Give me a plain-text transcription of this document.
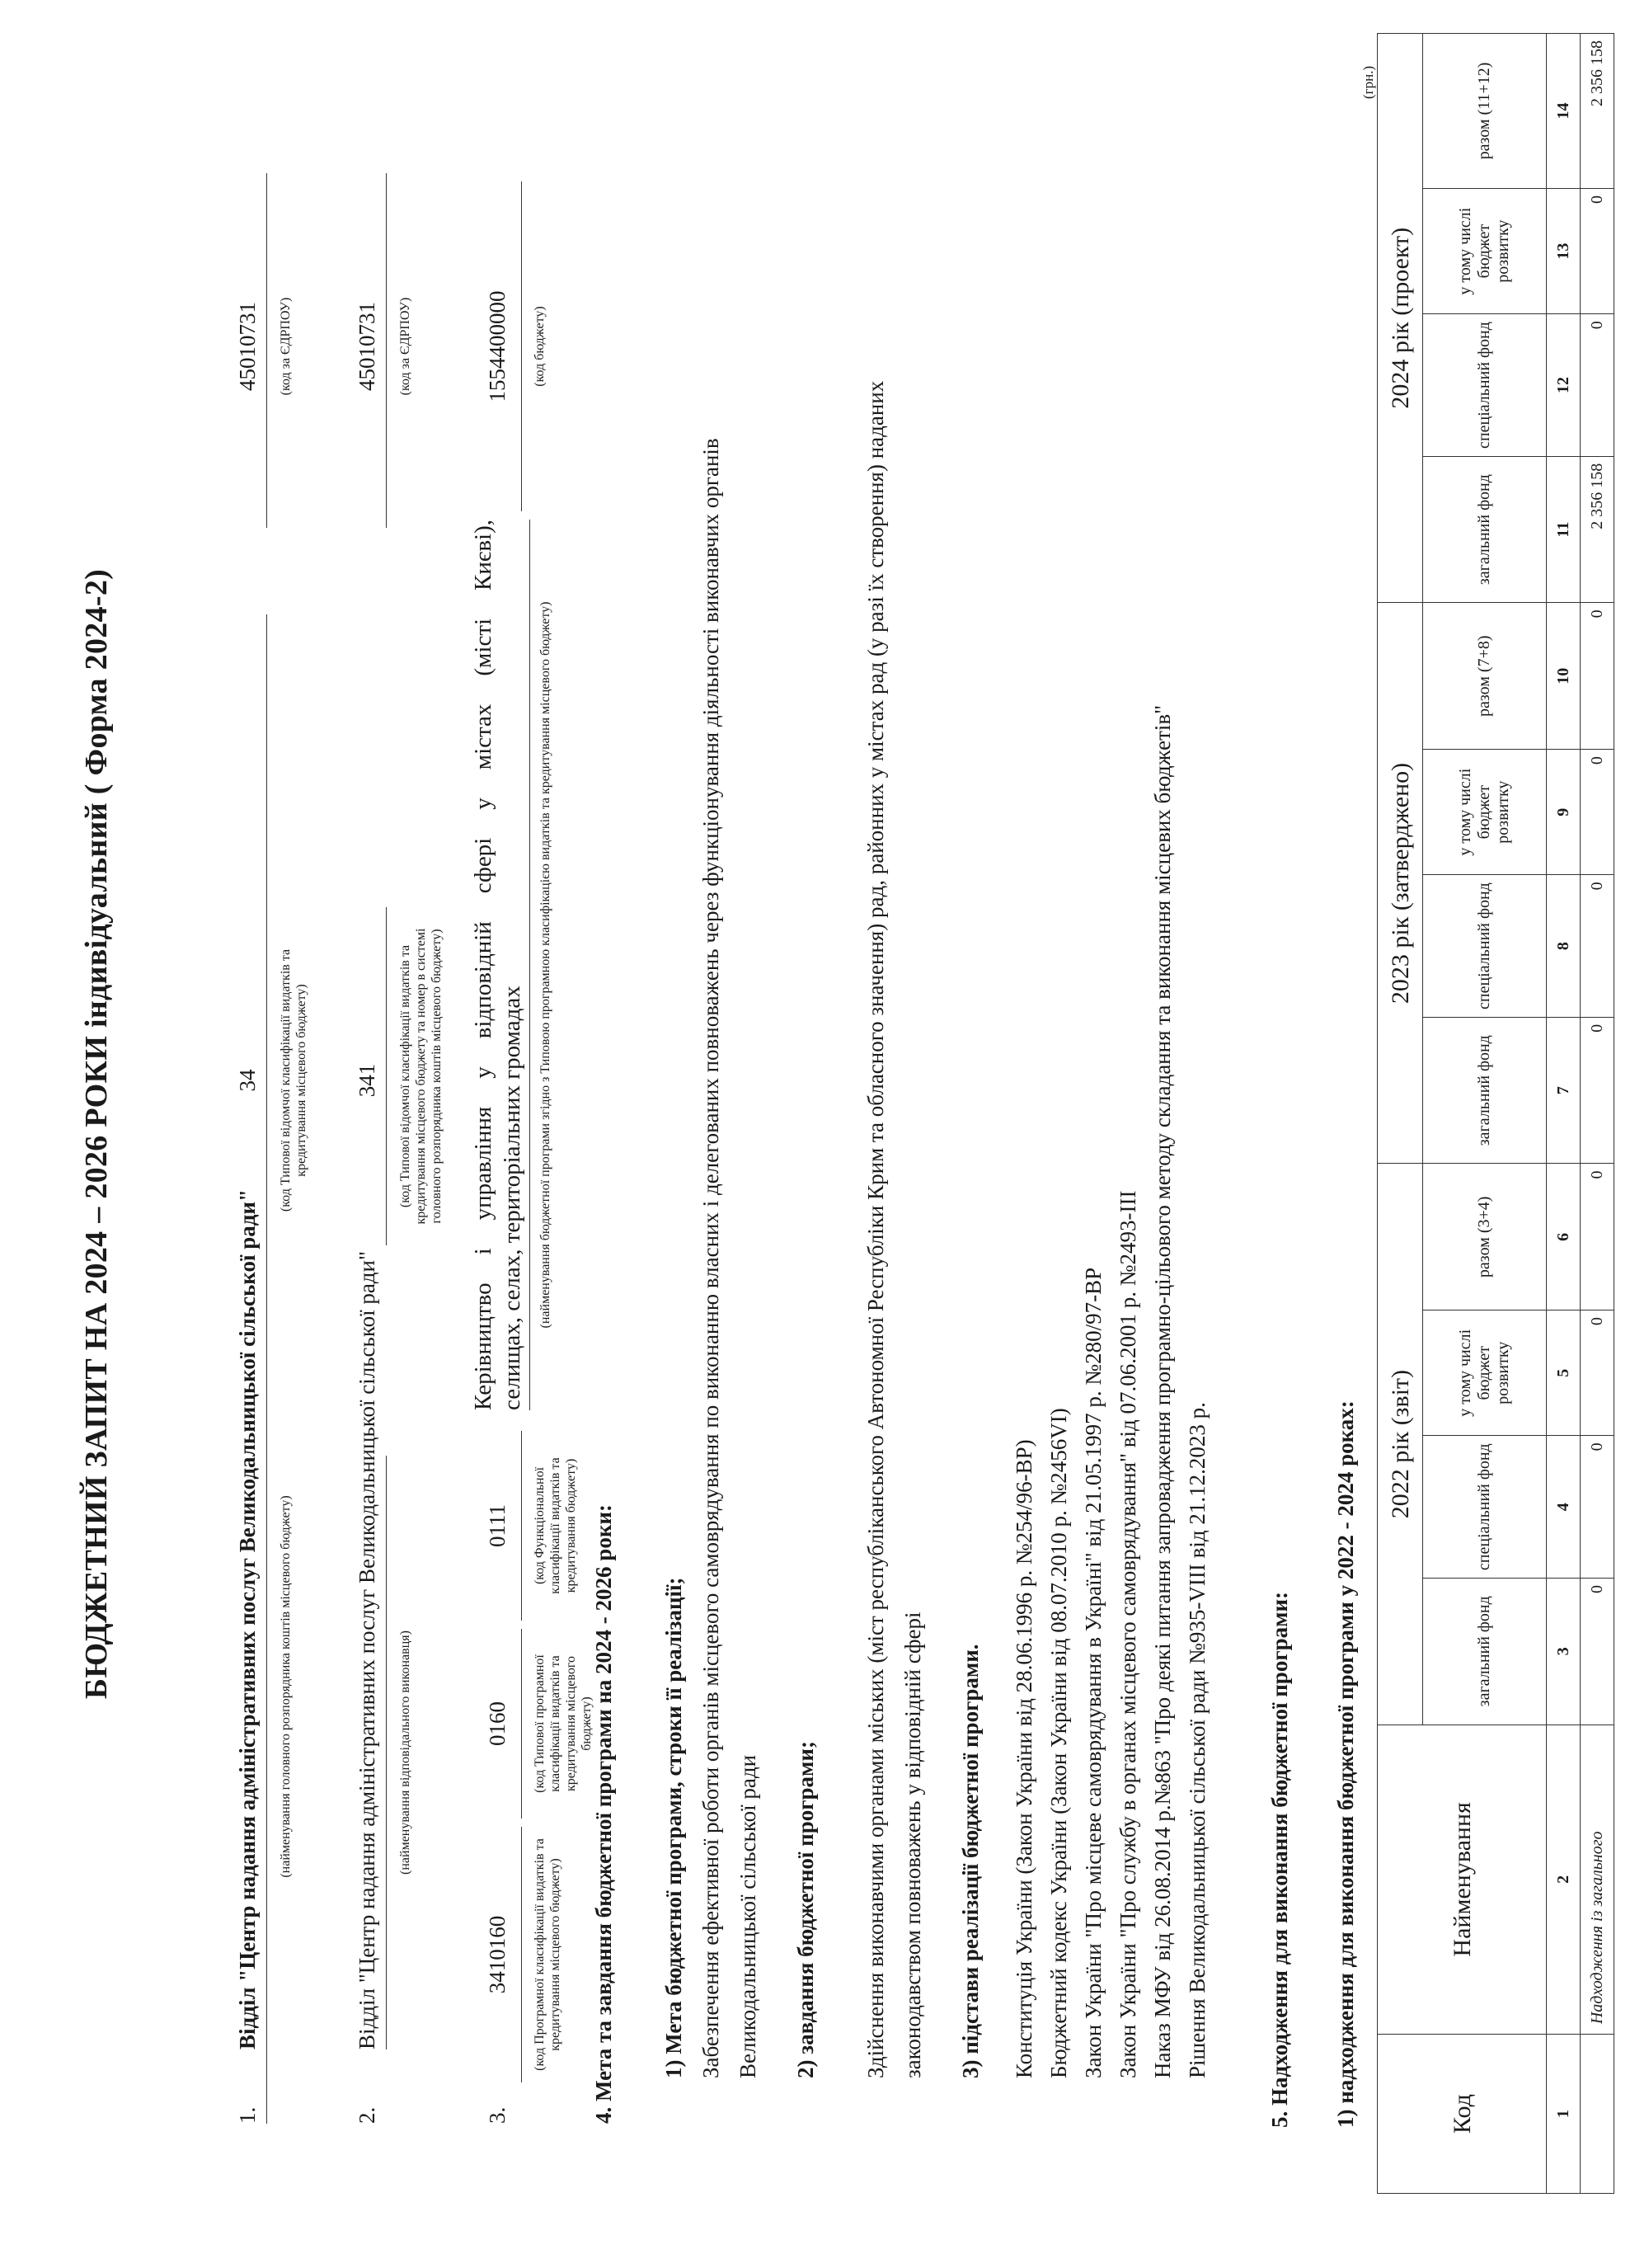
БЮДЖЕТНИЙ ЗАПИТ НА 2024 – 2026 РОКИ індивідуальний ( Форма 2024-2)
1.
Відділ "Центр надання адміністративних послуг Великодальницької сільської ради" (найменування головного розпорядника коштів місцевого бюджету)
34 (код Типової відомчої класифікації видатків та кредитування місцевого бюджету)
45010731 (код за ЄДРПОУ)
2.
Відділ "Центр надання адміністративних послуг Великодальницької сільської ради" (найменування відповідального виконавця)
341 (код Типової відомчої класифікації видатків та кредитування місцевого бюджету та номер в системі головного розпорядника коштів місцевого бюджету)
45010731 (код за ЄДРПОУ)
3.
3410160 (код Програмної класифікації видатків та кредитування місцевого бюджету)
0160 (код Типової програмної класифікації видатків та кредитування місцевого бюджету)
0111 (код Функціональної класифікації видатків та кредитування бюджету)
Керівництво і управління у відповідній сфері у містах (місті Києві), селищах, селах, територіальних громадах (найменування бюджетної програми згідно з Типовою програмною класифікацією видатків та кредитування місцевого бюджету)
1554400000 (код бюджету)
4. Мета та завдання бюджетної програми на 2024 - 2026 роки: 1) Мета бюджетної програми, строки її реалізації; Забезпечення ефективної роботи органів місцевого самоврядування по виконанню власних і делегованих повноважень через функціонування діяльності виконавчих органів Великодальницької сільської ради 2) завдання бюджетної програми; Здійснення виконавчими органами міських (міст республіканського Автономної Республіки Крим та обласного значення) рад, районних у містах рад (у разі їх створення) наданих законодавством повноважень у відповідній сфері 3) підстави реалізації бюджетної програми. Конституція України (Закон України від 28.06.1996 р. №254/96-ВР) Бюджетний кодекс України (Закон України від 08.07.2010 р. №2456VI) Закон України "Про місцеве самоврядування в Україні" від 21.05.1997 р. №280/97-ВР Закон України "Про службу в органах місцевого самоврядування" від 07.06.2001 р. №2493-ІІІ Наказ МФУ від 26.08.2014 р.№863 "Про деякі питання запровадження програмно-цільового методу складання та виконання місцевих бюджетів" Рішення Великодальницької сільської ради №935-VIII від 21.12.2023 р.	5. Надходження для виконання бюджетної програми: 1) надходження для виконання бюджетної програми у 2022 - 2024 роках:
(грн.)
Код	Найменування	2022 рік (звіт)				2023 рік (затверджено)				2024 рік (проект)			
		загальний фонд	спеціальний фонд	у тому числі бюджет розвитку	разом (3+4)	загальний фонд	спеціальний фонд	у тому числі бюджет розвитку	разом (7+8)	загальний фонд	спеціальний фонд	у тому числі бюджет розвитку	разом (11+12)
1	2	3	4	5	6	7	8	9	10	11	12	13	14
	Надходження із загального	0	0	0	0	0	0	0	0	2 356 158	0	0	2 356 158
